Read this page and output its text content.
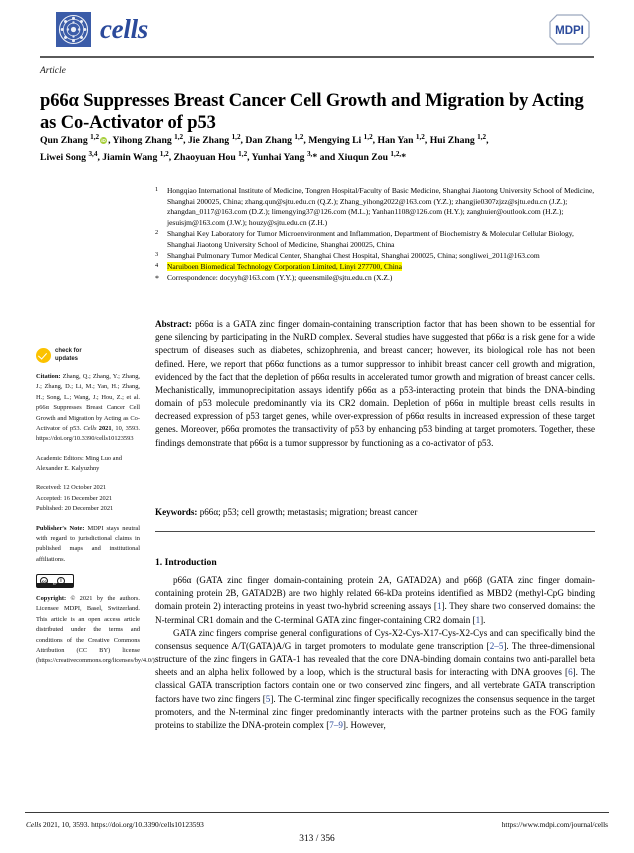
cells	MDPI
Article
p66α Suppresses Breast Cancer Cell Growth and Migration by Acting as Co-Activator of p53
Qun Zhang $^{1,2}$ iD , Yihong Zhang $^{1,2}$, Jie Zhang $^{1,2}$, Dan Zhang $^{1,2}$, Mengying Li $^{1,2}$, Han Yan $^{1,2}$, Hui Zhang $^{1,2}$,
Liwei Song $^{3,4}$, Jiamin Wang $^{1,2}$, Zhaoyuan Hou $^{1,2}$, Yunhai Yang $^{3,}$* and Xiuqun Zou $^{1,2,}$*
1	Hongqiao International Institute of Medicine, Tongren Hospital/Faculty of Basic Medicine, Shanghai Jiaotong University School of Medicine, Shanghai 200025, China; zhang.qun@sjtu.edu.cn (Q.Z.); Zhang_yihong2022@163.com (Y.Z.); zhangjie0307zjzz@sjtu.edu.cn (J.Z.); zhangdan_0117@163.com (D.Z.); limengying37@126.com (M.L.); Yanhan1108@126.com (H.Y.); zanghuier@outlook.com (H.Z.); jesuisjm@163.com (J.W.); houzy@sjtu.edu.cn (Z.H.)
2	Shanghai Key Laboratory for Tumor Microenvironment and Inflammation, Department of Biochemistry & Molecular Cellular Biology, Shanghai Jiaotong University School of Medicine, Shanghai 200025, China
3	Shanghai Pulmonary Tumor Medical Center, Shanghai Chest Hospital, Shanghai 200025, China; songliwei_2011@163.com
4	Naruiboen Biomedical Technology Corporation Limited, Linyi 277700, China
*	Correspondence: docyyh@163.com (Y.Y.); queensmile@sjtu.edu.cn (X.Z.)
Abstract: p66α is a GATA zinc finger domain-containing transcription factor that has been shown to be essential for gene silencing by participating in the NuRD complex. Several studies have suggested that p66α is a risk gene for a wide spectrum of diseases such as diabetes, schizophrenia, and breast cancer; however, its biological role has not been defined. Here, we report that p66α functions as a tumor suppressor to inhibit breast cancer cell growth and migration, evidenced by the fact that the depletion of p66α results in accelerated tumor growth and migration of breast cancer cells. Mechanistically, immunoprecipitation assays identify p66α as a p53-interacting protein that binds the DNA-binding domain of p53 molecule predominantly via its CR2 domain. Depletion of p66α in multiple breast cells results in decreased expression of p53 target genes, while over-expression of p66α results in increased expression of these target genes. Moreover, p66α promotes the transactivity of p53 by enhancing p53 binding at target promoters. Together, these findings demonstrate that p66α is a tumor suppressor by functioning as a co-activator of p53.
Keywords: p66α; p53; cell growth; metastasis; migration; breast cancer
1. Introduction

p66α (GATA zinc finger domain-containing protein 2A, GATAD2A) and p66β (GATA zinc finger domain-containing protein 2B, GATAD2B) are two highly related 66-kDa proteins identified as MBD2 (methyl-CpG binding domain protein 2) interacting proteins in yeast two-hybrid screening assays [1]. They share two conserved domains: the N-terminal CR1 domain and the C-terminal GATA zinc finger-containing CR2 domain [1].

GATA zinc fingers comprise general configurations of Cys-X2-Cys-X17-Cys-X2-Cys and can specifically bind the consensus sequence A/T(GATA)A/G in target promoters to modulate gene transcription [2–5]. The three-dimensional structure of the zinc fingers in GATA-1 has revealed that the core DNA-binding domain contains two anti-parallel beta sheets and an alpha helix followed by a loop, which is the structural basis for interacting with DNA grooves [6]. The classical GATA transcription factors contain one or two conserved zinc fingers, and all vertebrate GATA transcription factors have two zinc fingers [5]. The C-terminal zinc finger specifically recognizes the consensus sequence in the target promoters, and the N-terminal zinc finger predominantly interacts with the partner proteins such as the FOG family proteins to stabilize the DNA-protein complex [7–9]. However,

check for
updates
Citation: Zhang, Q.; Zhang, Y.; Zhang, J.; Zhang, D.; Li, M.; Yan, H.; Zhang, H.; Song, L.; Wang, J.; Hou, Z.; et al. p66α Suppresses Breast Cancer Cell Growth and Migration by Acting as Co-Activator of p53. Cells 2021, 10, 3593. https://doi.org/10.3390/cells10123593
Academic Editors: Ming Luo and Alexander E. Kalyuzhny
Received: 12 October 2021
Accepted: 16 December 2021
Published: 20 December 2021
Publisher's Note: MDPI stays neutral with regard to jurisdictional claims in published maps and institutional affiliations.
cc	i
BY
Copyright: © 2021 by the authors. Licensee MDPI, Basel, Switzerland. This article is an open access article distributed under the terms and conditions of the Creative Commons Attribution (CC BY) license (https://creativecommons.org/licenses/by/4.0/).
Cells 2021, 10, 3593. https://doi.org/10.3390/cells10123593	https://www.mdpi.com/journal/cells
313 / 356
